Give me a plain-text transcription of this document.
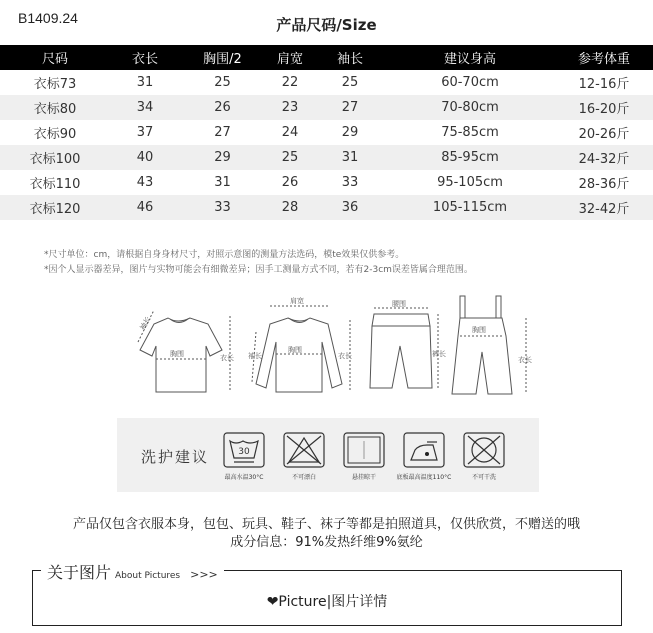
B1409.24	产品尺码/Size
尺码	衣长	胸围/2	肩宽	袖长	建议身高	参考体重
衣标73	31	25	22	25	60-70cm	12-16斤
衣标80	34	26	23	27	70-80cm	16-20斤
衣标90	37	27	24	29	75-85cm	20-26斤
衣标100	40	29	25	31	85-95cm	24-32斤
衣标110	43	31	26	33	95-105cm	28-36斤
衣标120	46	33	28	36	105-115cm	32-42斤
*尺寸单位：cm，请根据自身身材尺寸，对照示意图的测量方法选码，模te效果仅供参考。
*因个人显示器差异，图片与实物可能会有细微差异；因手工测量方式不同，若有2-3cm误差皆属合理范围。
胸围
袖长
衣长
肩宽
胸围
衣长
袖长
腰围
裤长
胸围
衣长
洗护建议	30
最高水温30°C	不可漂白	悬挂晾干	底板最高温度110°C	不可干洗
产品仅包含衣服本身，包包、玩具、鞋子、袜子等都是拍照道具，仅供欣赏，不赠送的哦
成分信息：91%发热纤维9%氨纶
关于图片 About Pictures >>>
❤Picture|图片详情
